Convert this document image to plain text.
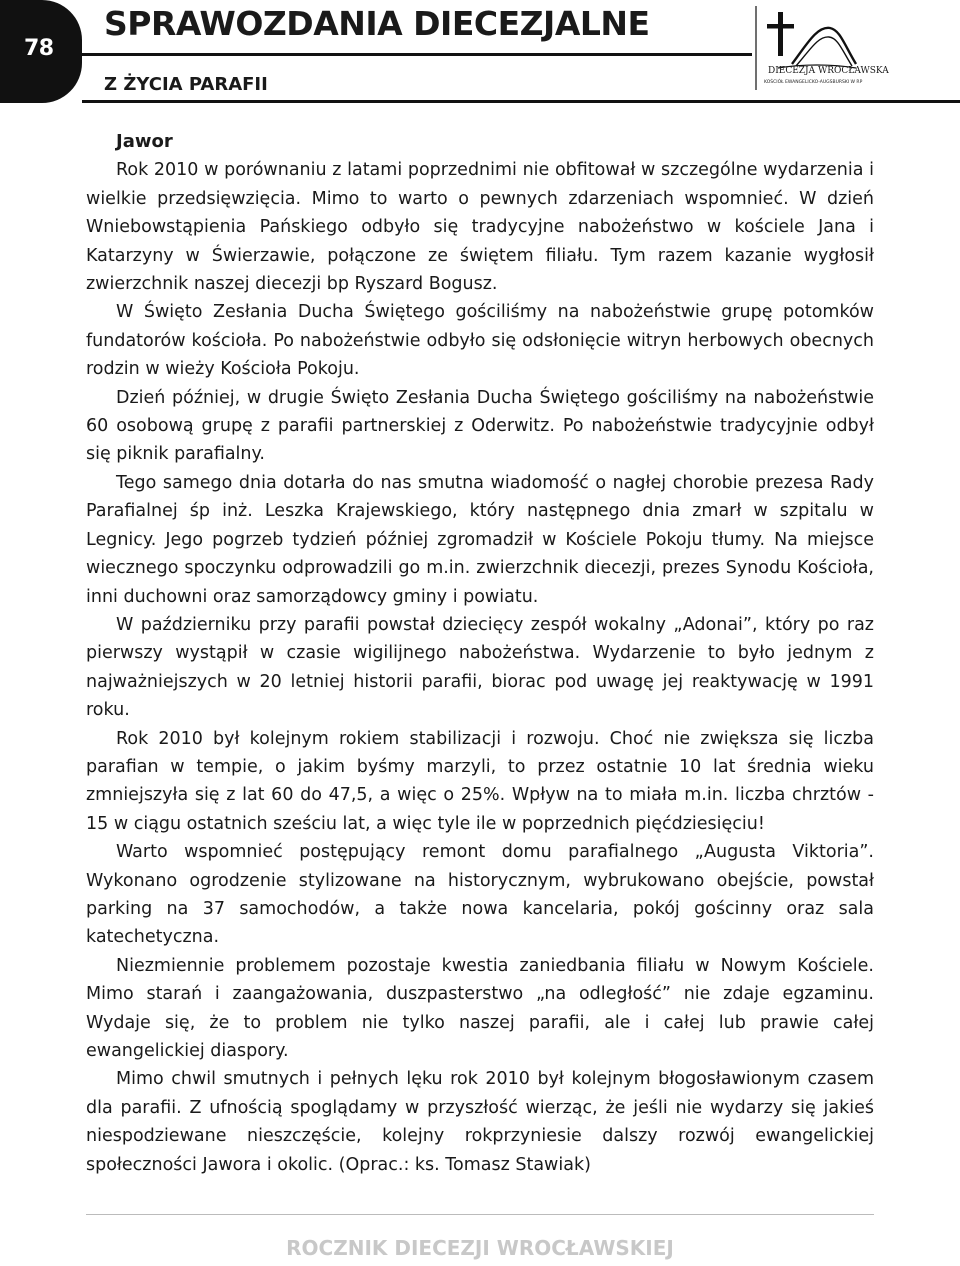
78
SPRAWOZDANIA DIECEZJALNE
Z ŻYCIA PARAFII
DIECEZJA WROCŁAWSKA
KOŚCIÓŁ EWANGELICKO-AUGSBURSKI W RP
Jawor

Rok 2010 w porównaniu z latami poprzednimi nie obfitował w szczególne wydarzenia i wielkie przedsięwzięcia. Mimo to warto o pewnych zdarzeniach wspomnieć. W dzień Wniebowstąpienia Pańskiego odbyło się tradycyjne nabożeństwo w kościele Jana i Katarzyny w Świerzawie, połączone ze świętem filiału. Tym razem kazanie wygłosił zwierzchnik naszej diecezji bp Ryszard Bogusz.

W Święto Zesłania Ducha Świętego gościliśmy na nabożeństwie grupę potomków fundatorów kościoła. Po nabożeństwie odbyło się odsłonięcie witryn herbowych obecnych rodzin w wieży Kościoła Pokoju.

Dzień później, w drugie Święto Zesłania Ducha Świętego gościliśmy na nabożeństwie 60 osobową grupę z parafii partnerskiej z Oderwitz. Po nabożeństwie tradycyjnie odbył się piknik parafialny.

Tego samego dnia dotarła do nas smutna wiadomość o nagłej chorobie prezesa Rady Parafialnej śp inż. Leszka Krajewskiego, który następnego dnia zmarł w szpitalu w Legnicy. Jego pogrzeb tydzień później zgromadził w Kościele Pokoju tłumy. Na miejsce wiecznego spoczynku odprowadzili go m.in. zwierzchnik diecezji, prezes Synodu Kościoła, inni duchowni oraz samorządowcy gminy i powiatu.

W październiku przy parafii powstał dziecięcy zespół wokalny „Adonai”, który po raz pierwszy wystąpił w czasie wigilijnego nabożeństwa. Wydarzenie to było jednym z najważniejszych w 20 letniej historii parafii, biorac pod uwagę jej reaktywację w 1991 roku.

Rok 2010 był kolejnym rokiem stabilizacji i rozwoju. Choć nie zwiększa się liczba parafian w tempie, o jakim byśmy marzyli, to przez ostatnie 10 lat średnia wieku zmniejszyła się z lat 60 do 47,5, a więc o 25%. Wpływ na to miała m.in. liczba chrztów - 15 w ciągu ostatnich sześciu lat, a więc tyle ile w poprzednich pięćdziesięciu!

Warto wspomnieć postępujący remont domu parafialnego „Augusta Viktoria”. Wykonano ogrodzenie stylizowane na historycznym, wybrukowano obejście, powstał parking na 37 samochodów, a także nowa kancelaria, pokój gościnny oraz sala katechetyczna.

Niezmiennie problemem pozostaje kwestia zaniedbania filiału w Nowym Kościele. Mimo starań i zaangażowania, duszpasterstwo „na odległość” nie zdaje egzaminu. Wydaje się, że to problem nie tylko naszej parafii, ale i całej lub prawie całej ewangelickiej diaspory.

Mimo chwil smutnych i pełnych lęku rok 2010 był kolejnym błogosławionym czasem dla parafii. Z ufnością spoglądamy w przyszłość wierząc, że jeśli nie wydarzy się jakieś niespodziewane nieszczęście, kolejny rokprzyniesie dalszy rozwój ewangelickiej społeczności Jawora i okolic. (Oprac.: ks. Tomasz Stawiak)

ROCZNIK DIECEZJI WROCŁAWSKIEJ
